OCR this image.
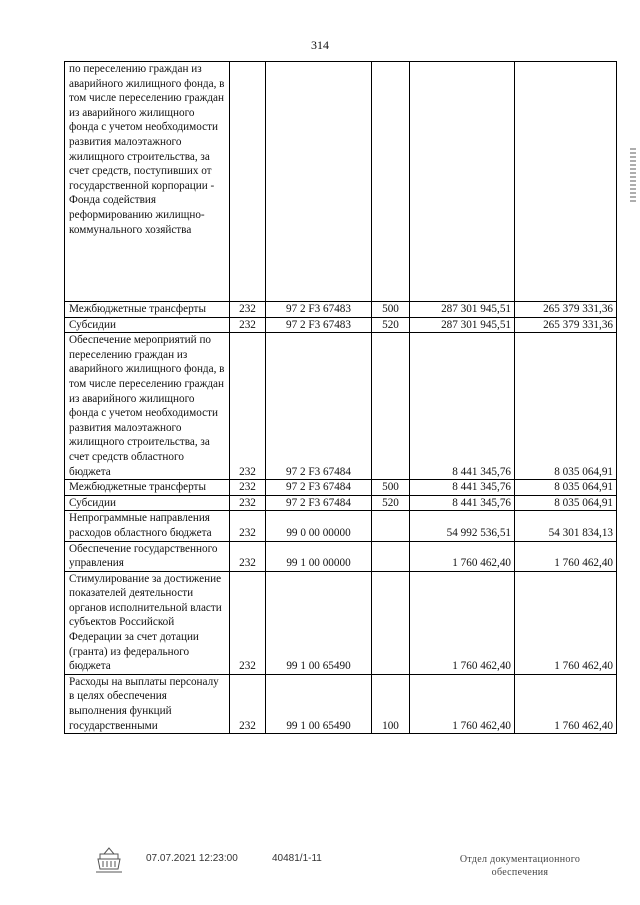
314
по переселению граждан из аварийного жилищного фонда, в том числе переселению граждан из аварийного жилищного фонда с учетом необходимости развития малоэтажного жилищного строительства, за счет средств, поступивших от государственной корпорации - Фонда содействия реформированию жилищно-коммунального хозяйства					
Межбюджетные трансферты	232	97 2 F3 67483	500	287 301 945,51	265 379 331,36
Субсидии	232	97 2 F3 67483	520	287 301 945,51	265 379 331,36
Обеспечение мероприятий по переселению граждан из аварийного жилищного фонда, в том числе переселению граждан из аварийного жилищного фонда с учетом необходимости развития малоэтажного жилищного строительства, за счет средств областного бюджета	232	97 2 F3 67484		8 441 345,76	8 035 064,91
Межбюджетные трансферты	232	97 2 F3 67484	500	8 441 345,76	8 035 064,91
Субсидии	232	97 2 F3 67484	520	8 441 345,76	8 035 064,91
Непрограммные направления расходов областного бюджета	232	99 0 00 00000		54 992 536,51	54 301 834,13
Обеспечение государственного управления	232	99 1 00 00000		1 760 462,40	1 760 462,40
Стимулирование за достижение показателей деятельности органов исполнительной власти субъектов Российской Федерации за счет дотации (гранта) из федерального бюджета	232	99 1 00 65490		1 760 462,40	1 760 462,40
Расходы на выплаты персоналу в целях обеспечения выполнения функций государственными	232	99 1 00 65490	100	1 760 462,40	1 760 462,40
07.07.2021 12:23:00	40481/1-11	Отдел документационного
обеспечения
